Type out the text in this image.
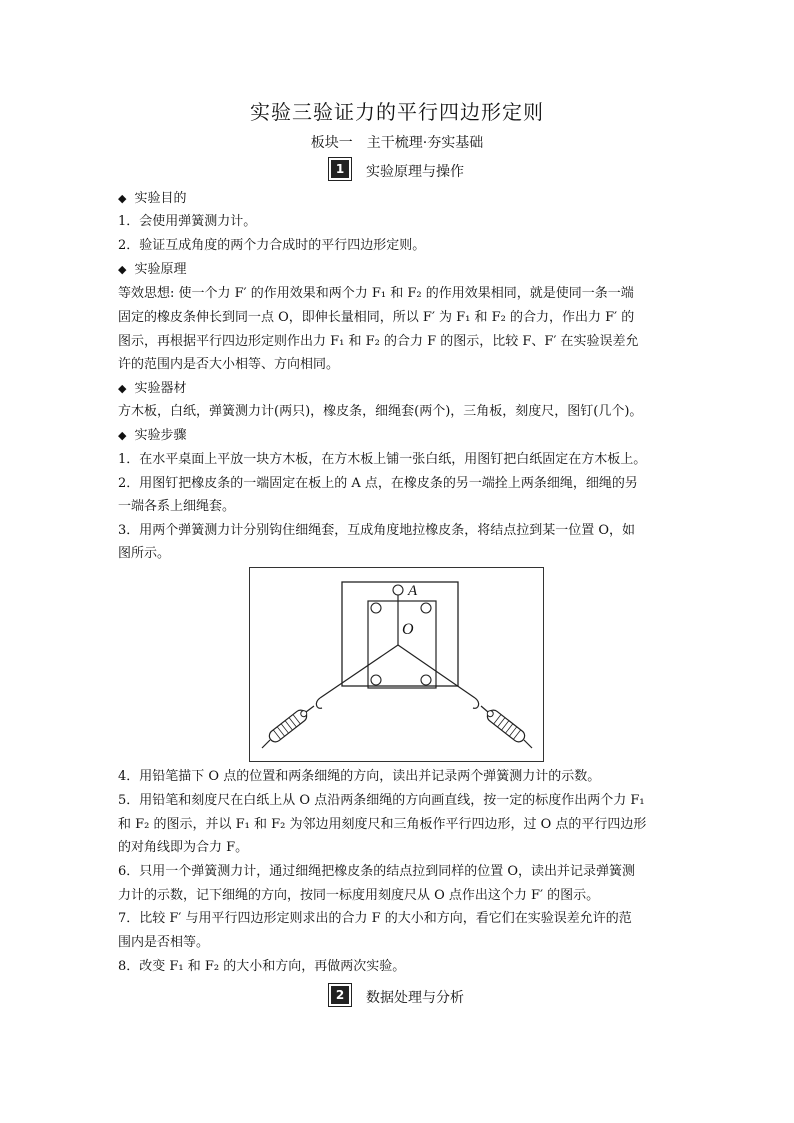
实验三验证力的平行四边形定则
板块一　主干梳理·夯实基础
1	实验原理与操作
◆ 实验目的
1．会使用弹簧测力计。
2．验证互成角度的两个力合成时的平行四边形定则。
◆ 实验原理
等效思想: 使一个力 F′ 的作用效果和两个力 F₁ 和 F₂ 的作用效果相同，就是使同一条一端
固定的橡皮条伸长到同一点 O，即伸长量相同，所以 F′ 为 F₁ 和 F₂ 的合力，作出力 F′ 的
图示，再根据平行四边形定则作出力 F₁ 和 F₂ 的合力 F 的图示，比较 F、F′ 在实验误差允
许的范围内是否大小相等、方向相同。
◆ 实验器材
方木板，白纸，弹簧测力计(两只)，橡皮条，细绳套(两个)，三角板，刻度尺，图钉(几个)。
◆ 实验步骤
1．在水平桌面上平放一块方木板，在方木板上铺一张白纸，用图钉把白纸固定在方木板上。
2．用图钉把橡皮条的一端固定在板上的 A 点，在橡皮条的另一端拴上两条细绳，细绳的另
一端各系上细绳套。
3．用两个弹簧测力计分别钩住细绳套，互成角度地拉橡皮条，将结点拉到某一位置 O，如
图所示。
A
O
4．用铅笔描下 O 点的位置和两条细绳的方向，读出并记录两个弹簧测力计的示数。
5．用铅笔和刻度尺在白纸上从 O 点沿两条细绳的方向画直线，按一定的标度作出两个力 F₁
和 F₂ 的图示，并以 F₁ 和 F₂ 为邻边用刻度尺和三角板作平行四边形，过 O 点的平行四边形
的对角线即为合力 F。
6．只用一个弹簧测力计，通过细绳把橡皮条的结点拉到同样的位置 O，读出并记录弹簧测
力计的示数，记下细绳的方向，按同一标度用刻度尺从 O 点作出这个力 F′ 的图示。
7．比较 F′ 与用平行四边形定则求出的合力 F 的大小和方向，看它们在实验误差允许的范
围内是否相等。
8．改变 F₁ 和 F₂ 的大小和方向，再做两次实验。
2	数据处理与分析
